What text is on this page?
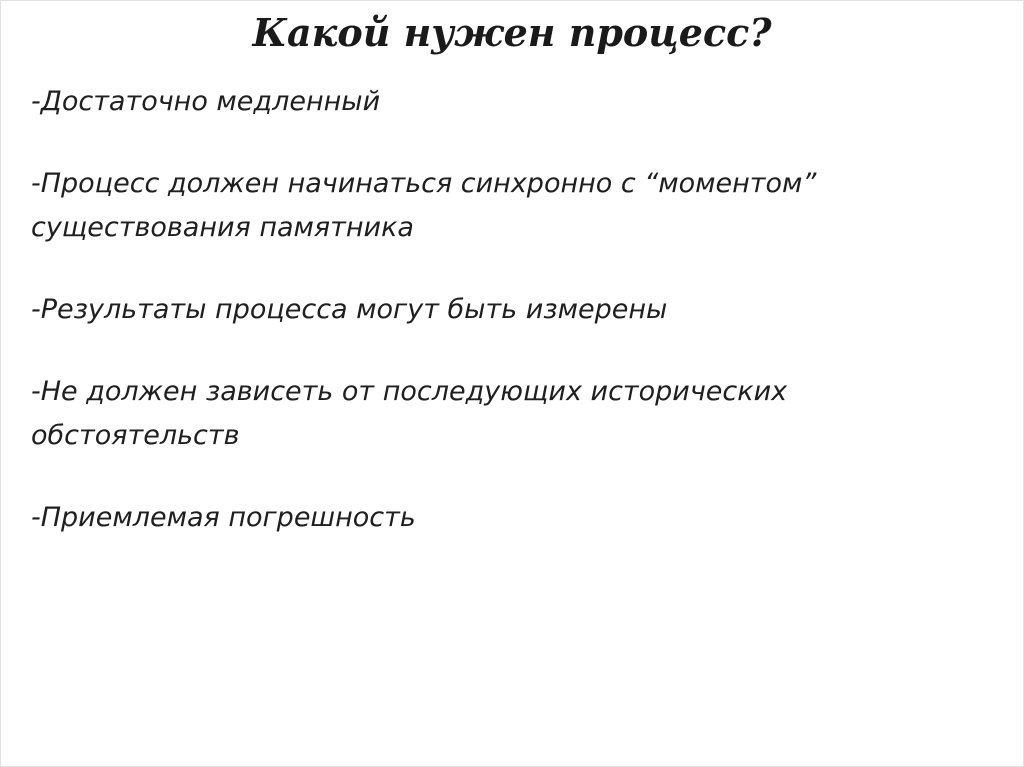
Какой нужен процесс?
-Достаточно медленный
-Процесс должен начинаться синхронно с “моментом”
существования памятника
-Результаты процесса могут быть измерены
-Не должен зависеть от последующих исторических
обстоятельств
-Приемлемая погрешность
